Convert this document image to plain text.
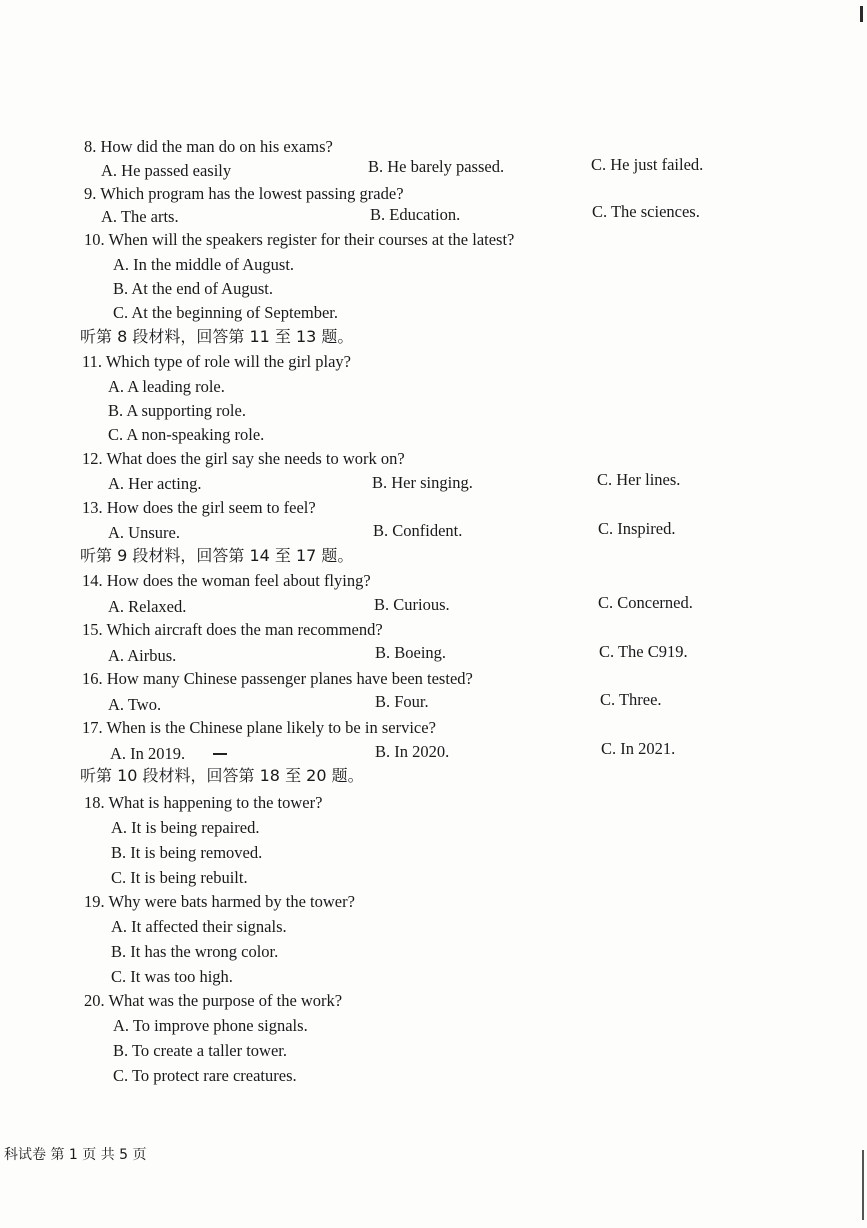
8. How did the man do on his exams?
A. He passed easily	B. He barely passed.	C. He just failed.
9. Which program has the lowest passing grade?
A. The arts.	B. Education.	C. The sciences.
10. When will the speakers register for their courses at the latest?
A. In the middle of August.
B. At the end of August.
C. At the beginning of September.
听第 8 段材料，回答第 11 至 13 题。
11. Which type of role will the girl play?
A. A leading role.
B. A supporting role.
C. A non-speaking role.
12. What does the girl say she needs to work on?
A. Her acting.	B. Her singing.	C. Her lines.
13. How does the girl seem to feel?
A. Unsure.	B. Confident.	C. Inspired.
听第 9 段材料，回答第 14 至 17 题。
14. How does the woman feel about flying?
A. Relaxed.	B. Curious.	C. Concerned.
15. Which aircraft does the man recommend?
A. Airbus.	B. Boeing.	C. The C919.
16. How many Chinese passenger planes have been tested?
A. Two.	B. Four.	C. Three.
17. When is the Chinese plane likely to be in service?
A. In 2019.	B. In 2020.	C. In 2021.
听第 10 段材料，回答第 18 至 20 题。
18. What is happening to the tower?
A. It is being repaired.
B. It is being removed.
C. It is being rebuilt.
19. Why were bats harmed by the tower?
A. It affected their signals.
B. It has the wrong color.
C. It was too high.
20. What was the purpose of the work?
A. To improve phone signals.
B. To create a taller tower.
C. To protect rare creatures.
科试卷 第 1 页 共 5 页
